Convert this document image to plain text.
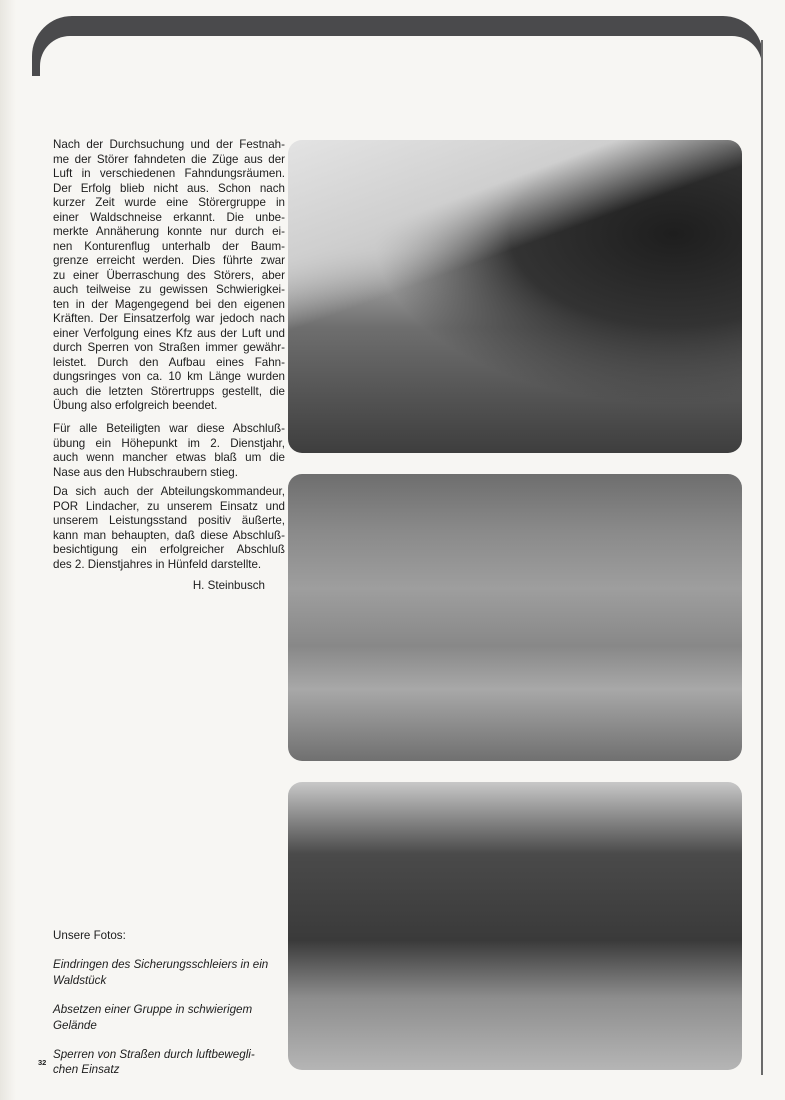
Nach der Durchsuchung und der Festnah-
me der Störer fahndeten die Züge aus der
Luft in verschiedenen Fahndungsräumen.
Der Erfolg blieb nicht aus. Schon nach
kurzer Zeit wurde eine Störergruppe in
einer Waldschneise erkannt. Die unbe-
merkte Annäherung konnte nur durch ei-
nen Konturenflug unterhalb der Baum-
grenze erreicht werden. Dies führte zwar
zu einer Überraschung des Störers, aber
auch teilweise zu gewissen Schwierigkei-
ten in der Magengegend bei den eigenen
Kräften. Der Einsatzerfolg war jedoch nach
einer Verfolgung eines Kfz aus der Luft und
durch Sperren von Straßen immer gewähr-
leistet. Durch den Aufbau eines Fahn-
dungsringes von ca. 10 km Länge wurden
auch die letzten Störertrupps gestellt, die
Übung also erfolgreich beendet.
Für alle Beteiligten war diese Abschluß-
übung ein Höhepunkt im 2. Dienstjahr,
auch wenn mancher etwas blaß um die
Nase aus den Hubschraubern stieg.
Da sich auch der Abteilungskommandeur,
POR Lindacher, zu unserem Einsatz und
unserem Leistungsstand positiv äußerte,
kann man behaupten, daß diese Abschluß-
besichtigung ein erfolgreicher Abschluß
des 2. Dienstjahres in Hünfeld darstellte.
H. Steinbusch

Unsere Fotos:

Eindringen des Sicherungsschleiers in ein Waldstück

Absetzen einer Gruppe in schwierigem Gelände

Sperren von Straßen durch luftbewegli- chen Einsatz

32
